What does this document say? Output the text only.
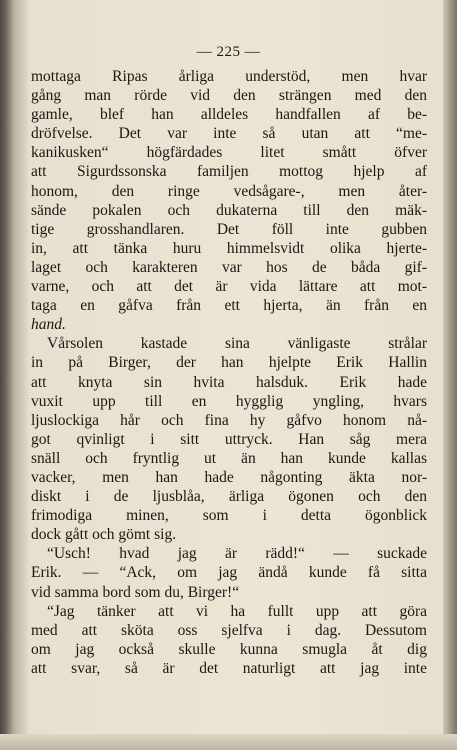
— 225 —
mottaga Ripas årliga understöd, men hvar
gång man rörde vid den strängen med den
gamle, blef han alldeles handfallen af be-
dröfvelse. Det var inte så utan att “me-
kanikusken“ högfärdades litet smått öfver
att Sigurdssonska familjen mottog hjelp af
honom, den ringe vedsågare-, men åter-
sände pokalen och dukaterna till den mäk-
tige grosshandlaren. Det föll inte gubben
in, att tänka huru himmelsvidt olika hjerte-
laget och karakteren var hos de båda gif-
varne, och att det är vida lättare att mot-
taga en gåfva från ett hjerta, än från en
hand.
Vårsolen kastade sina vänligaste strålar
in på Birger, der han hjelpte Erik Hallin
att knyta sin hvita halsduk. Erik hade
vuxit upp till en hygglig yngling, hvars
ljuslockiga hår och fina hy gåfvo honom nå-
got qvinligt i sitt uttryck. Han såg mera
snäll och fryntlig ut än han kunde kallas
vacker, men han hade någonting äkta nor-
diskt i de ljusblåa, ärliga ögonen och den
frimodiga minen, som i detta ögonblick
dock gått och gömt sig.
“Usch! hvad jag är rädd!“ — suckade
Erik. — “Ack, om jag ändå kunde få sitta
vid samma bord som du, Birger!“
“Jag tänker att vi ha fullt upp att göra
med att sköta oss sjelfva i dag. Dessutom
om jag också skulle kunna smugla åt dig
att svar, så är det naturligt att jag inte
